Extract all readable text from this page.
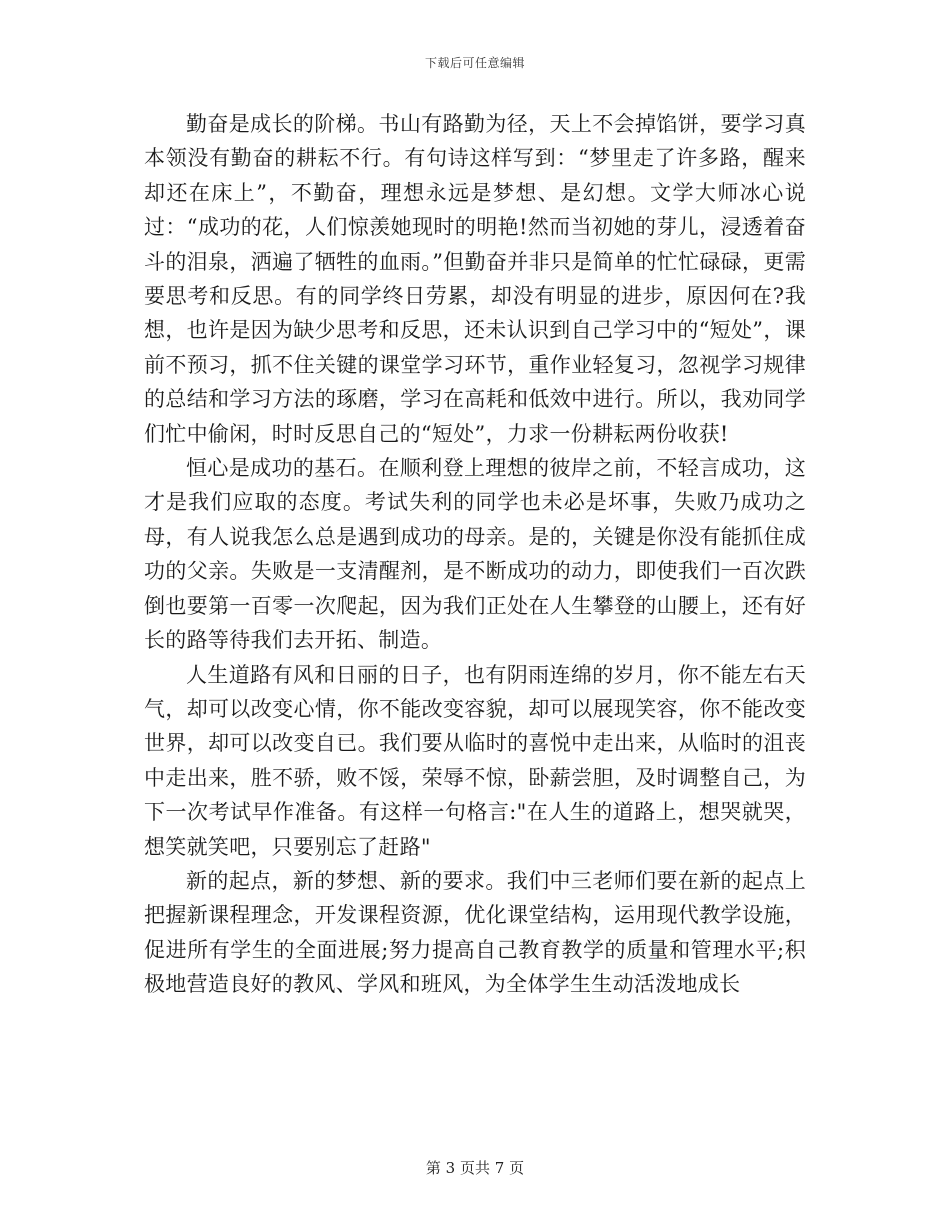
下载后可任意编辑

勤奋是成长的阶梯。书山有路勤为径，天上不会掉馅饼，要学习真本领没有勤奋的耕耘不行。有句诗这样写到：“梦里走了许多路，醒来却还在床上”，不勤奋，理想永远是梦想、是幻想。文学大师冰心说过：“成功的花，人们惊羡她现时的明艳!然而当初她的芽儿，浸透着奋斗的泪泉，洒遍了牺牲的血雨。”但勤奋并非只是简单的忙忙碌碌，更需要思考和反思。有的同学终日劳累，却没有明显的进步，原因何在?我想，也许是因为缺少思考和反思，还未认识到自己学习中的“短处”，课前不预习，抓不住关键的课堂学习环节，重作业轻复习，忽视学习规律的总结和学习方法的琢磨，学习在高耗和低效中进行。所以，我劝同学们忙中偷闲，时时反思自己的“短处”，力求一份耕耘两份收获!

恒心是成功的基石。在顺利登上理想的彼岸之前，不轻言成功，这才是我们应取的态度。考试失利的同学也未必是坏事，失败乃成功之母，有人说我怎么总是遇到成功的母亲。是的，关键是你没有能抓住成功的父亲。失败是一支清醒剂，是不断成功的动力，即使我们一百次跌倒也要第一百零一次爬起，因为我们正处在人生攀登的山腰上，还有好长的路等待我们去开拓、制造。

人生道路有风和日丽的日子，也有阴雨连绵的岁月，你不能左右天气，却可以改变心情，你不能改变容貌，却可以展现笑容，你不能改变世界，却可以改变自已。我们要从临时的喜悦中走出来，从临时的沮丧中走出来，胜不骄，败不馁，荣辱不惊，卧薪尝胆，及时调整自己，为下一次考试早作准备。有这样一句格言:"在人生的道路上，想哭就哭，想笑就笑吧，只要别忘了赶路"

新的起点，新的梦想、新的要求。我们中三老师们要在新的起点上把握新课程理念，开发课程资源，优化课堂结构，运用现代教学设施，促进所有学生的全面进展;努力提高自己教育教学的质量和管理水平;积极地营造良好的教风、学风和班风，为全体学生生动活泼地成长

第 3 页共 7 页
